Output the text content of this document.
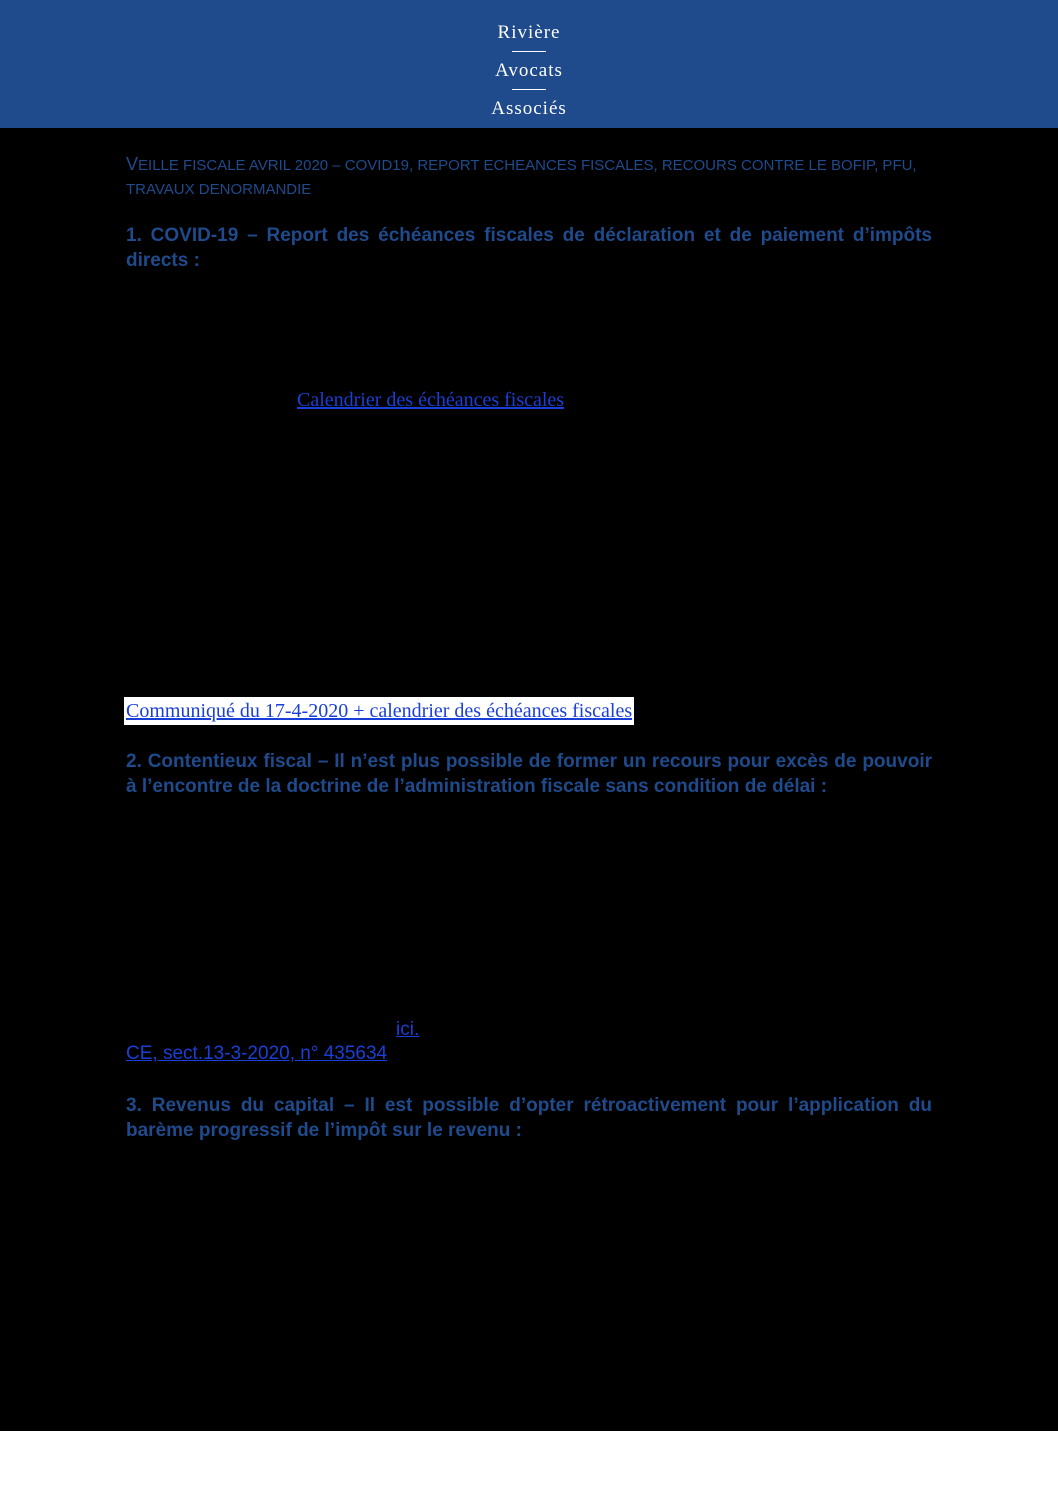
Rivière
Avocats
Associés
VEILLE FISCALE AVRIL 2020 – COVID19, REPORT ECHEANCES FISCALES, RECOURS CONTRE LE BOFIP, PFU, TRAVAUX DENORMANDIE
1. COVID-19 – Report des échéances fiscales de déclaration et de paiement d’impôts directs :
Calendrier des échéances fiscales
Communiqué du 17-4-2020 + calendrier des échéances fiscales
2. Contentieux fiscal – Il n’est plus possible de former un recours pour excès de pouvoir à l’encontre de la doctrine de l’administration fiscale sans condition de délai :
ici.
CE, sect.13-3-2020, n° 435634
3. Revenus du capital – Il est possible d’opter rétroactivement pour l’application du barème progressif de l’impôt sur le revenu :
